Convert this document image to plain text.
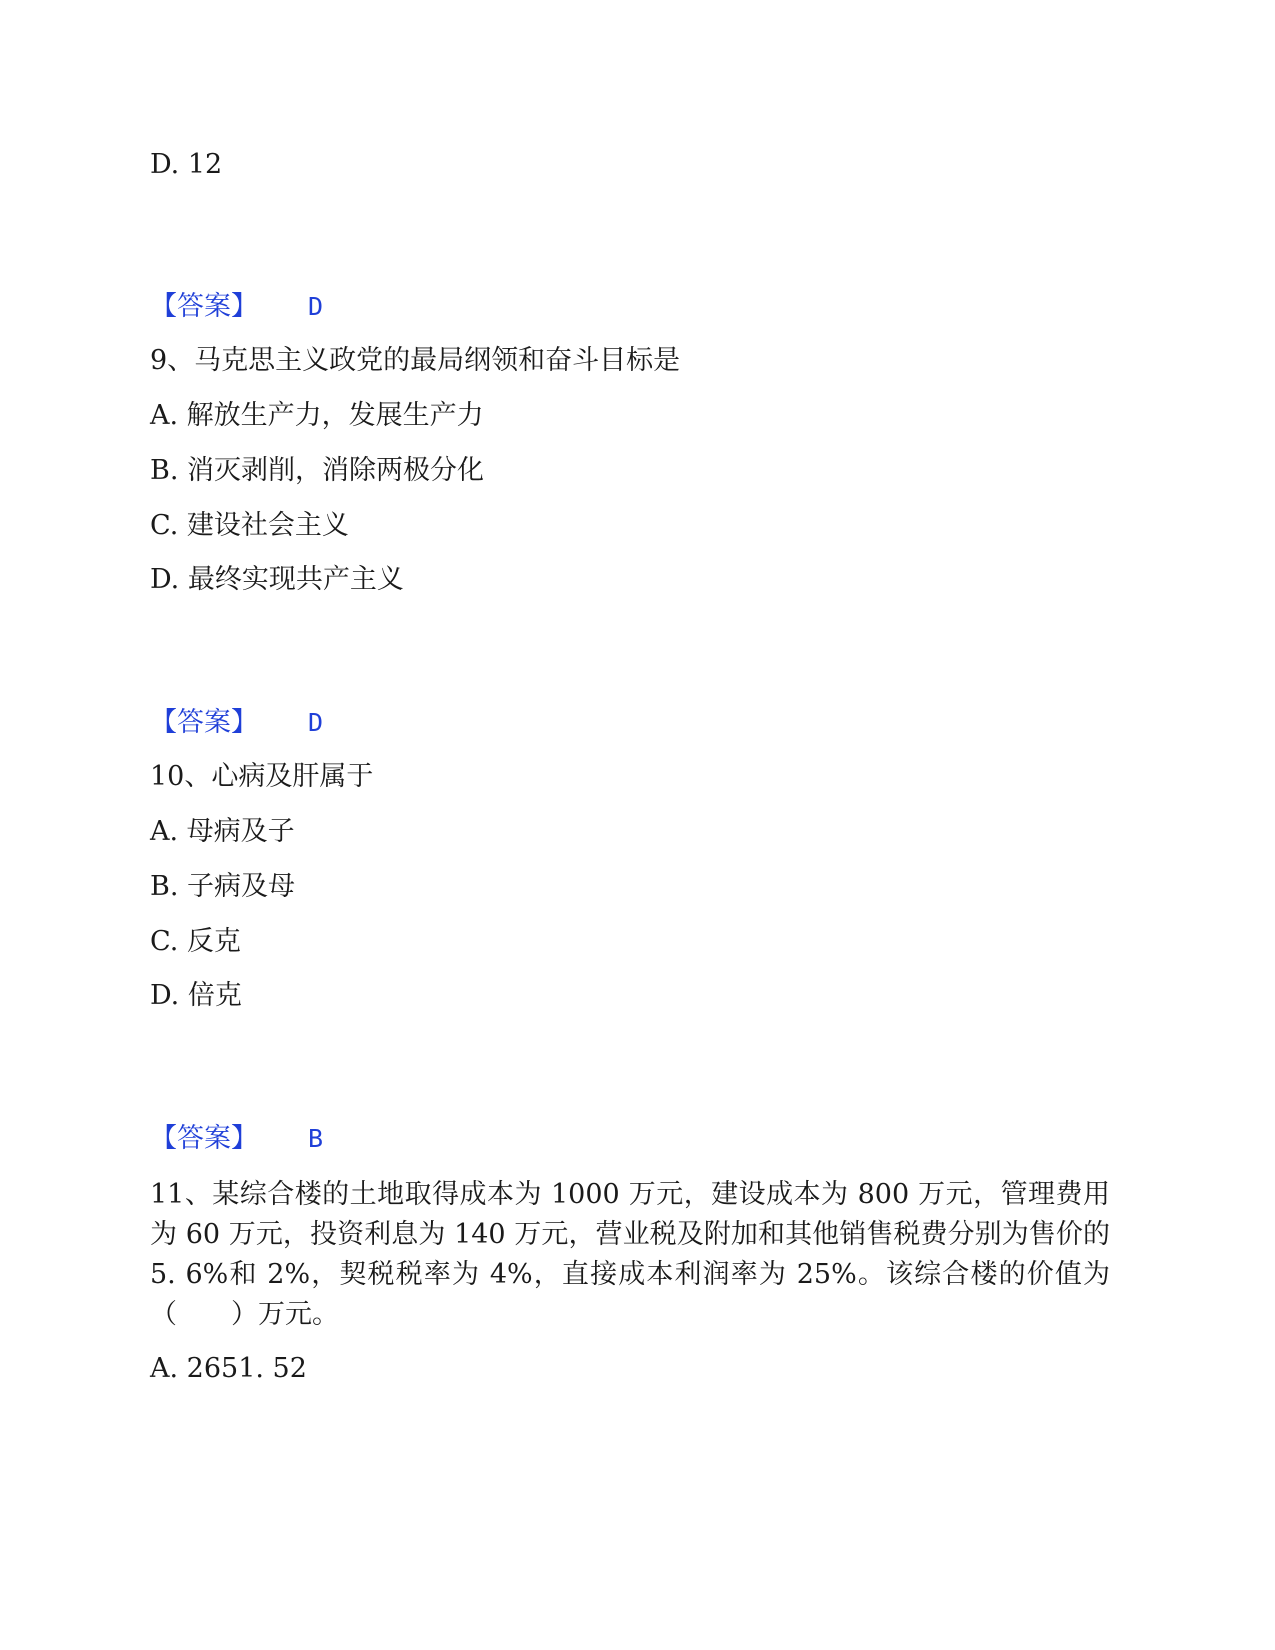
D. 12
【答案】 D
9、马克思主义政党的最局纲领和奋斗目标是
A. 解放生产力，发展生产力
B. 消灭剥削，消除两极分化
C. 建设社会主义
D. 最终实现共产主义
【答案】 D
10、心病及肝属于
A. 母病及子
B. 子病及母
C. 反克
D. 倍克
【答案】 B
11、某综合楼的土地取得成本为 1000 万元，建设成本为 800 万元，管理费用为 60 万元，投资利息为 140 万元，营业税及附加和其他销售税费分别为售价的 5. 6%和 2%，契税税率为 4%，直接成本利润率为 25%。该综合楼的价值为（　　）万元。
A. 2651. 52
